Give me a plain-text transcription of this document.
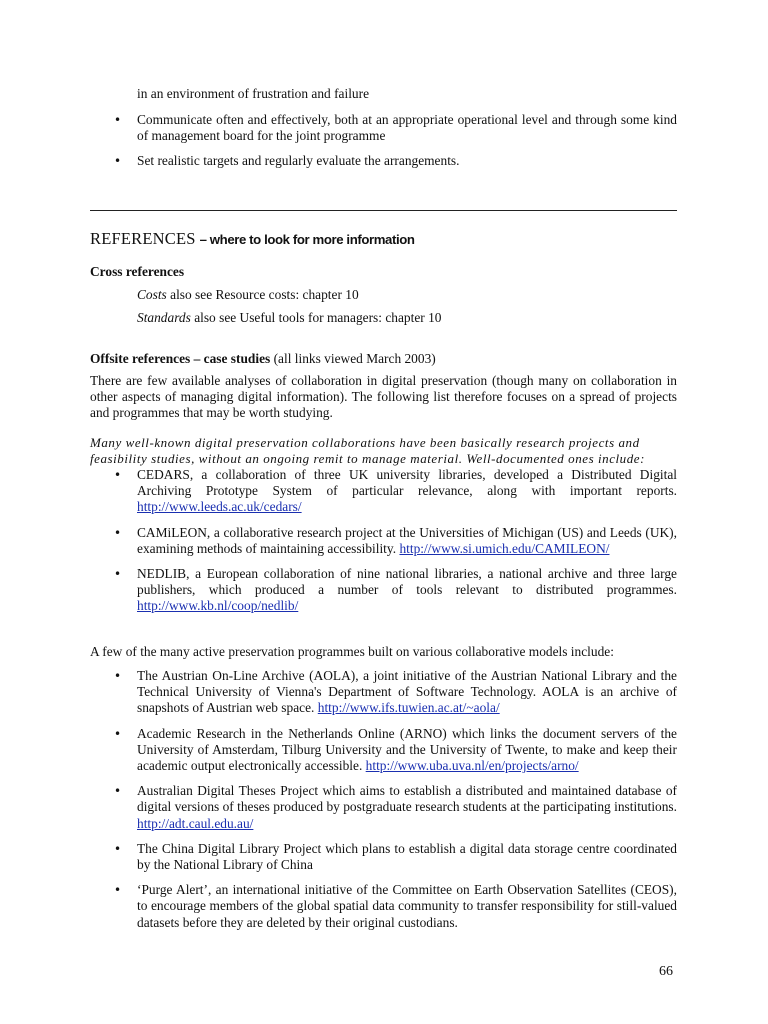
in an environment of frustration and failure
• Communicate often and effectively, both at an appropriate operational level and through some kind of management board for the joint programme
• Set realistic targets and regularly evaluate the arrangements.
REFERENCES – where to look for more information
Cross references
Costs also see Resource costs: chapter 10
Standards also see Useful tools for managers: chapter 10
Offsite references – case studies (all links viewed March 2003)
There are few available analyses of collaboration in digital preservation (though many on collaboration in other aspects of managing digital information). The following list therefore focuses on a spread of projects and programmes that may be worth studying.
Many well-known digital preservation collaborations have been basically research projects and feasibility studies, without an ongoing remit to manage material. Well-documented ones include:
• CEDARS, a collaboration of three UK university libraries, developed a Distributed Digital Archiving Prototype System of particular relevance, along with important reports. http://www.leeds.ac.uk/cedars/
• CAMiLEON, a collaborative research project at the Universities of Michigan (US) and Leeds (UK), examining methods of maintaining accessibility. http://www.si.umich.edu/CAMILEON/
• NEDLIB, a European collaboration of nine national libraries, a national archive and three large publishers, which produced a number of tools relevant to distributed programmes. http://www.kb.nl/coop/nedlib/
A few of the many active preservation programmes built on various collaborative models include:
• The Austrian On-Line Archive (AOLA), a joint initiative of the Austrian National Library and the Technical University of Vienna's Department of Software Technology. AOLA is an archive of snapshots of Austrian web space. http://www.ifs.tuwien.ac.at/~aola/
• Academic Research in the Netherlands Online (ARNO) which links the document servers of the University of Amsterdam, Tilburg University and the University of Twente, to make and keep their academic output electronically accessible. http://www.uba.uva.nl/en/projects/arno/
• Australian Digital Theses Project which aims to establish a distributed and maintained database of digital versions of theses produced by postgraduate research students at the participating institutions. http://adt.caul.edu.au/
• The China Digital Library Project which plans to establish a digital data storage centre coordinated by the National Library of China
• ‘Purge Alert’, an international initiative of the Committee on Earth Observation Satellites (CEOS), to encourage members of the global spatial data community to transfer responsibility for still-valued datasets before they are deleted by their original custodians.
66
